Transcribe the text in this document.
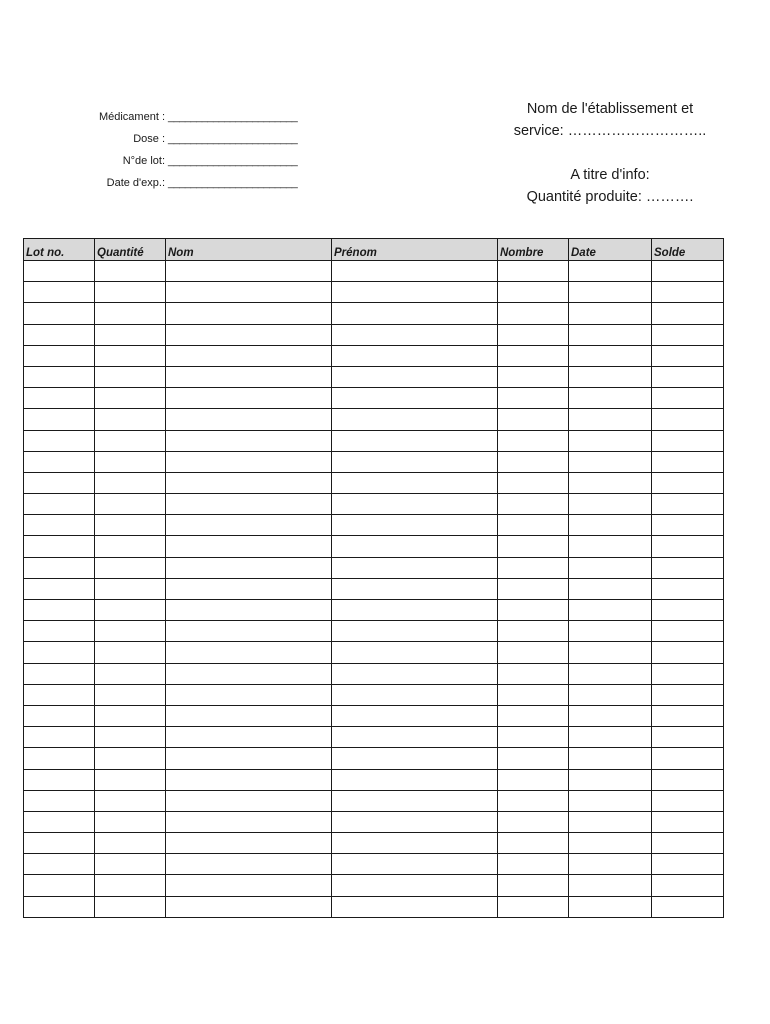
Médicament : _______________________
Dose : _______________________
N°de lot: _______________________
Date d'exp.: _______________________
Nom de l'établissement et
service: ………………………..
A titre d'info:
Quantité produite: ……….
Lot no.	Quantité	Nom	Prénom	Nombre	Date	Solde
